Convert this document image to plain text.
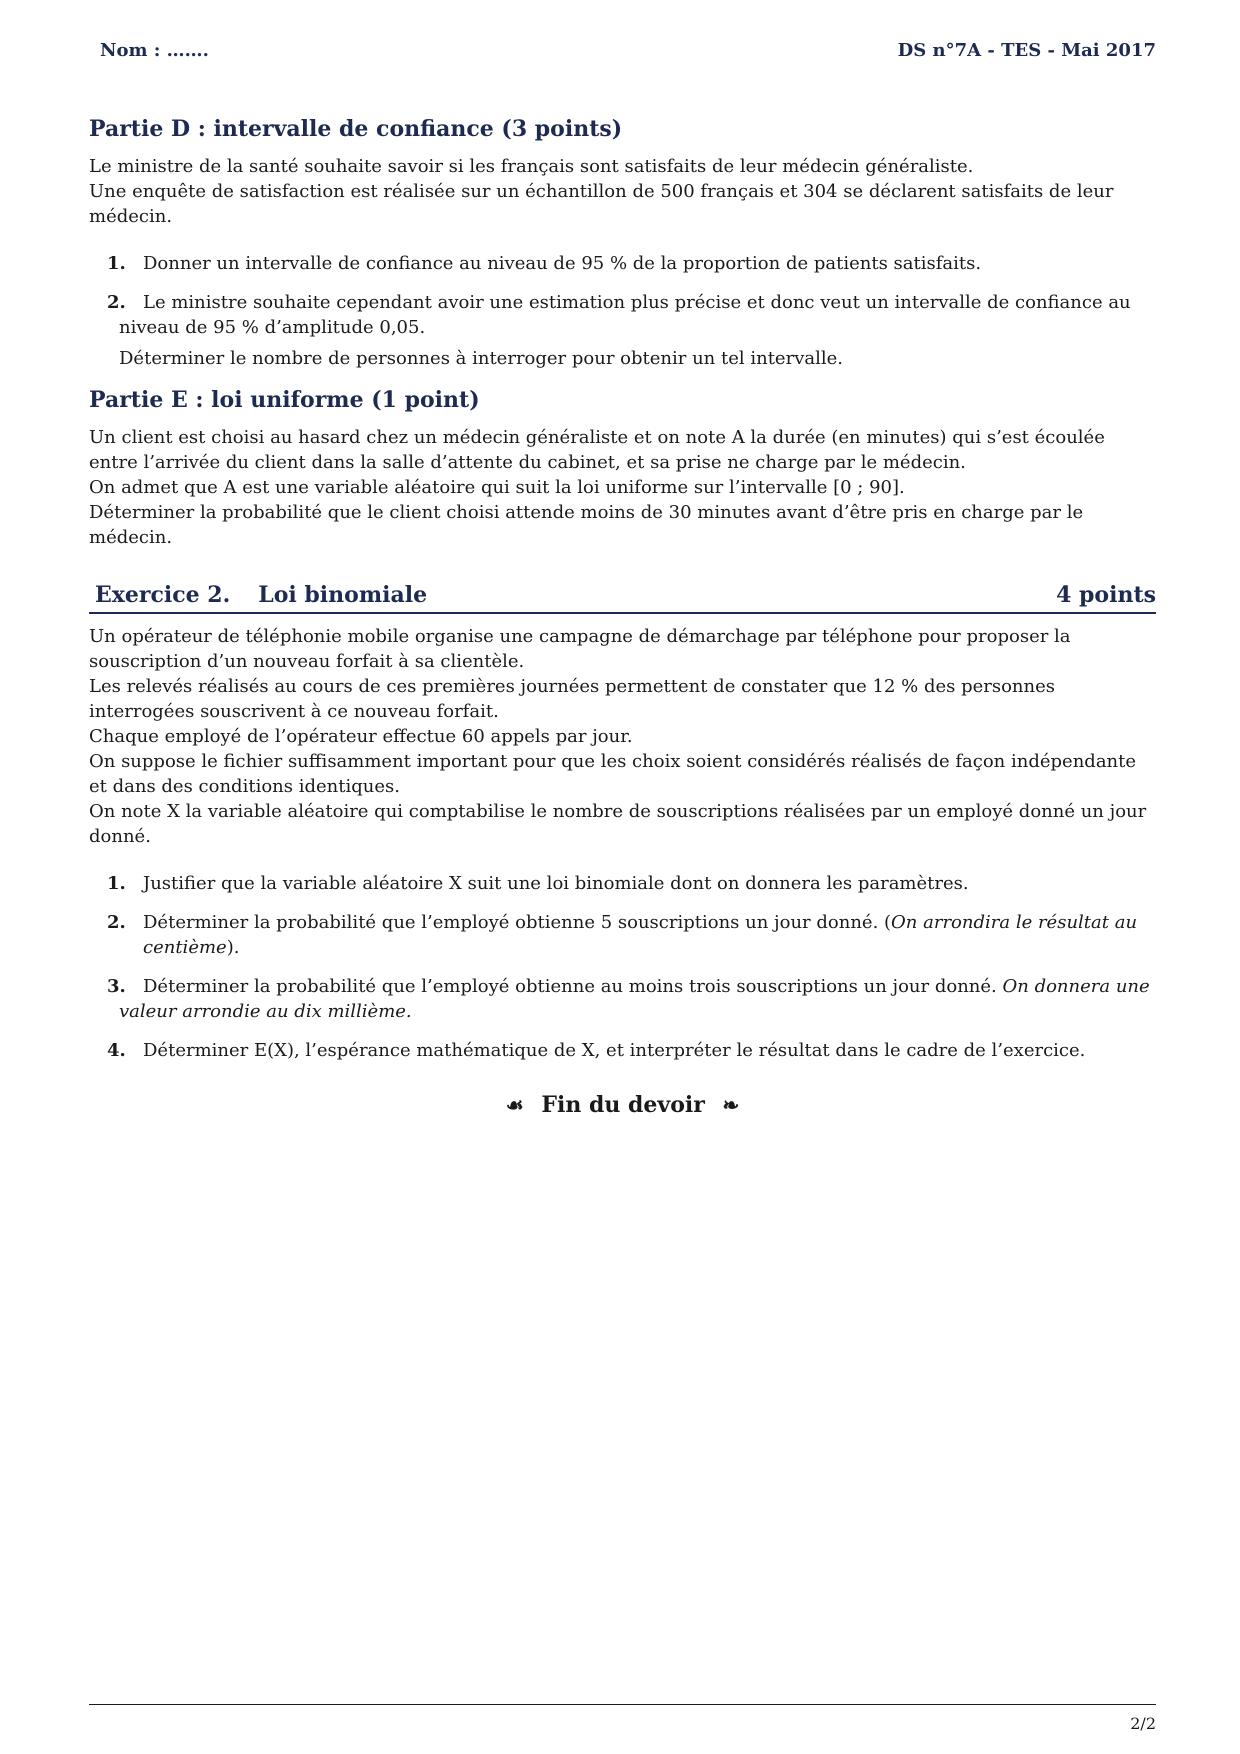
Nom : …….	DS n°7A - TES - Mai 2017
Partie D : intervalle de confiance (3 points)

Le ministre de la santé souhaite savoir si les français sont satisfaits de leur médecin généraliste.

Une enquête de satisfaction est réalisée sur un échantillon de 500 français et 304 se déclarent satisfaits de leur médecin.

1. Donner un intervalle de confiance au niveau de 95 % de la proportion de patients satisfaits.

2. Le ministre souhaite cependant avoir une estimation plus précise et donc veut un intervalle de confiance au niveau de 95 % d’amplitude 0,05.

Déterminer le nombre de personnes à interroger pour obtenir un tel intervalle.

Partie E : loi uniforme (1 point)

Un client est choisi au hasard chez un médecin généraliste et on note A la durée (en minutes) qui s’est écoulée entre l’arrivée du client dans la salle d’attente du cabinet, et sa prise ne charge par le médecin.

On admet que A est une variable aléatoire qui suit la loi uniforme sur l’intervalle [0 ; 90].

Déterminer la probabilité que le client choisi attende moins de 30 minutes avant d’être pris en charge par le médecin.

Exercice 2. Loi binomiale	4 points

Un opérateur de téléphonie mobile organise une campagne de démarchage par téléphone pour proposer la souscription d’un nouveau forfait à sa clientèle.

Les relevés réalisés au cours de ces premières journées permettent de constater que 12 % des personnes interrogées souscrivent à ce nouveau forfait.

Chaque employé de l’opérateur effectue 60 appels par jour.

On suppose le fichier suffisamment important pour que les choix soient considérés réalisés de façon indépendante et dans des conditions identiques.

On note X la variable aléatoire qui comptabilise le nombre de souscriptions réalisées par un employé donné un jour donné.

1. Justifier que la variable aléatoire X suit une loi binomiale dont on donnera les paramètres.

2. Déterminer la probabilité que l’employé obtienne 5 souscriptions un jour donné. (On arrondira le résultat au centième).

3. Déterminer la probabilité que l’employé obtienne au moins trois souscriptions un jour donné. On donnera une valeur arrondie au dix millième.

4. Déterminer E(X), l’espérance mathématique de X, et interpréter le résultat dans le cadre de l’exercice.

☙ Fin du devoir ❧
2/2
